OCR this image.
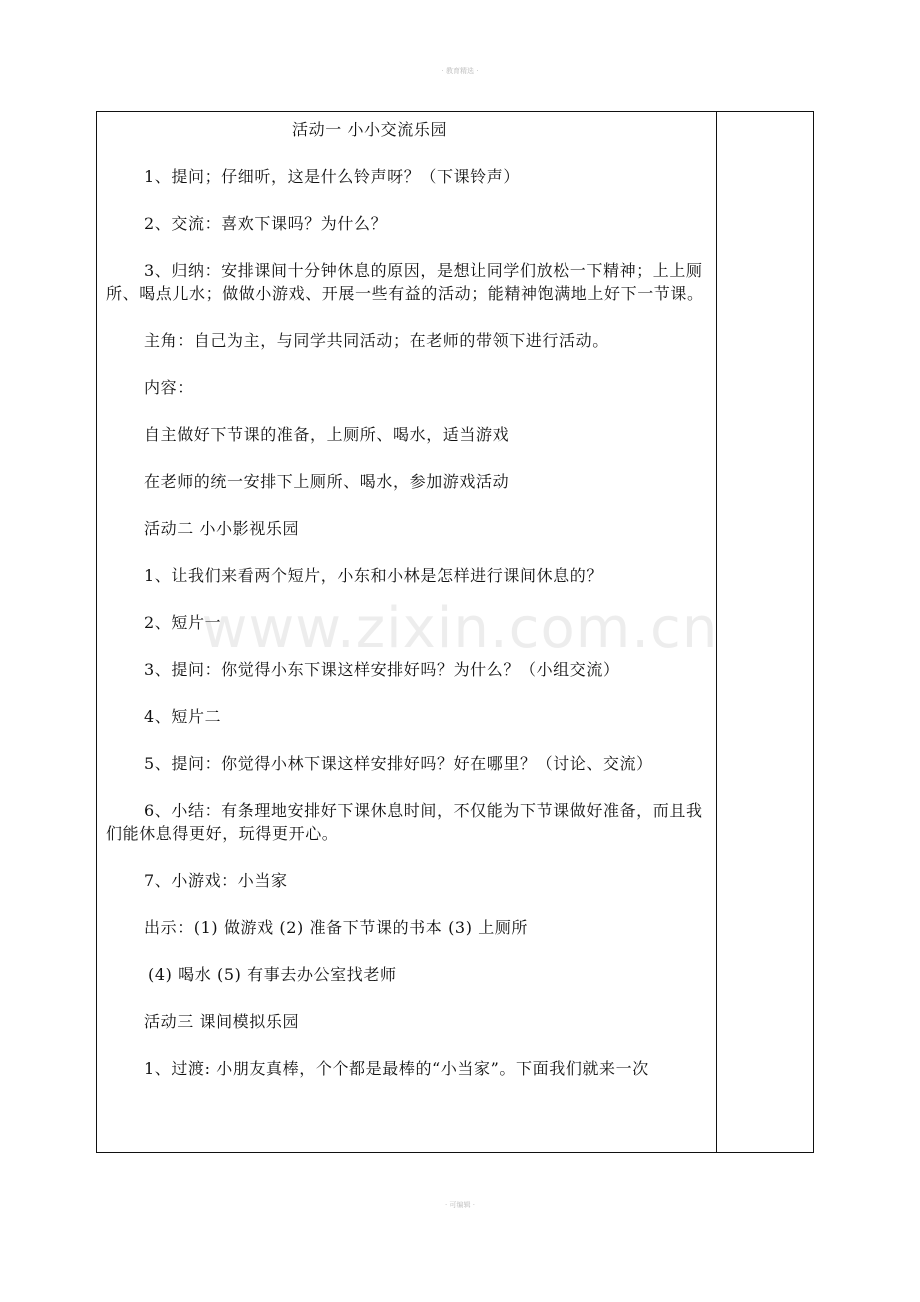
· 教育精选 ·
www.zixin.com.cn

活动一 小小交流乐园

1、提问；仔细听，这是什么铃声呀？（下课铃声）

2、交流：喜欢下课吗？为什么？

3、归纳：安排课间十分钟休息的原因，是想让同学们放松一下精神；上上厕所、喝点儿水；做做小游戏、开展一些有益的活动；能精神饱满地上好下一节课。

主角：自己为主，与同学共同活动；在老师的带领下进行活动。

内容：

自主做好下节课的准备，上厕所、喝水，适当游戏

在老师的统一安排下上厕所、喝水，参加游戏活动

活动二 小小影视乐园

1、让我们来看两个短片，小东和小林是怎样进行课间休息的？

2、短片一

3、提问：你觉得小东下课这样安排好吗？为什么？（小组交流）

4、短片二

5、提问：你觉得小林下课这样安排好吗？好在哪里？（讨论、交流）

6、小结：有条理地安排好下课休息时间，不仅能为下节课做好准备，而且我们能休息得更好，玩得更开心。

7、小游戏：小当家

出示：(1) 做游戏 (2) 准备下节课的书本 (3) 上厕所

(4) 喝水 (5) 有事去办公室找老师

活动三 课间模拟乐园

1、过渡: 小朋友真棒，个个都是最棒的“小当家”。下面我们就来一次

· 可编辑 ·
